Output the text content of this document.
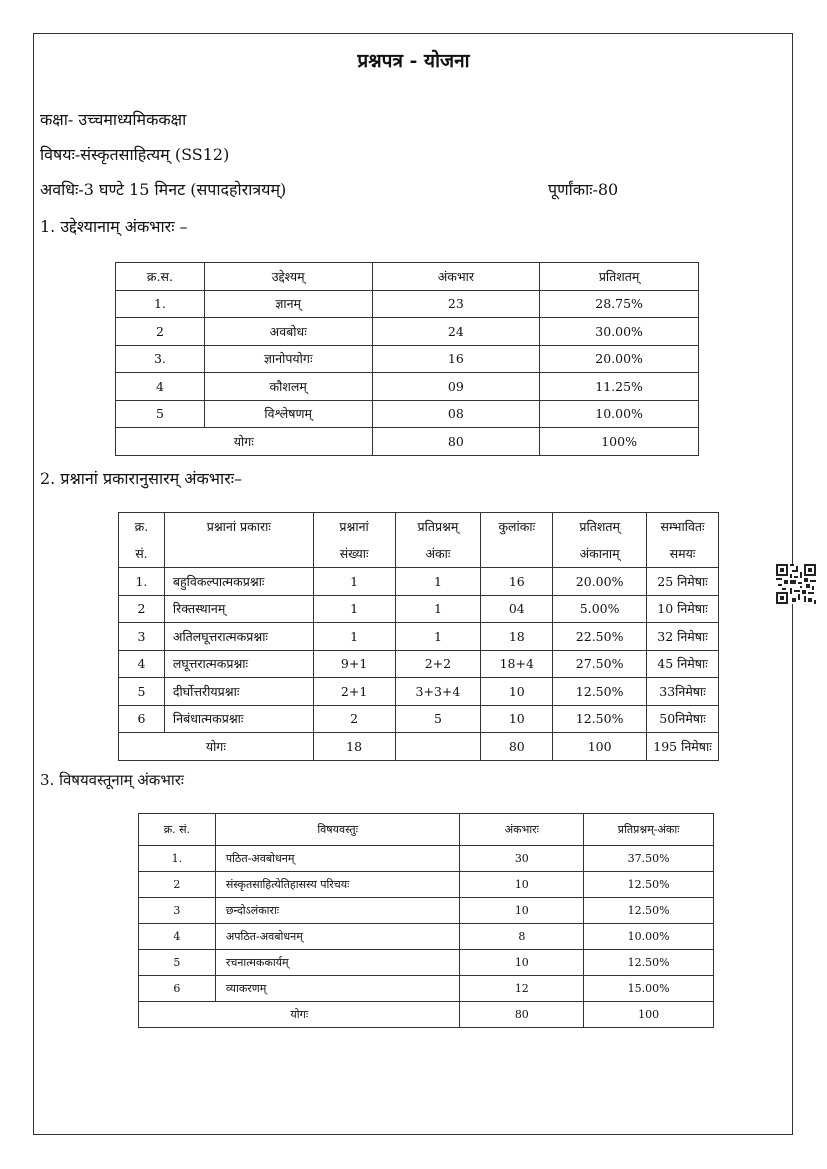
प्रश्नपत्र - योजना
कक्षा- उच्चमाध्यमिककक्षा
विषयः-संस्कृतसाहित्यम् (SS12)
अवधिः-3 घण्टे 15 मिनट (सपादहोरात्रयम्)	पूर्णांकाः-80
1. उद्देश्यानाम् अंकभारः –
क्र.स.	उद्देश्यम्	अंकभार	प्रतिशतम्
1.	ज्ञानम्	23	28.75%
2	अवबोधः	24	30.00%
3.	ज्ञानोपयोगः	16	20.00%
4	कौशलम्	09	11.25%
5	विश्लेषणम्	08	10.00%
योगः		80	100%
2. प्रश्नानां प्रकारानुसारम् अंकभारः–
क्र.	प्रश्नानां प्रकाराः	प्रश्नानां	प्रतिप्रश्नम्	कुलांकाः	प्रतिशतम्	सम्भावितः
सं.		संख्याः	अंकाः		अंकानाम्	समयः
1.	बहुविकल्पात्मकप्रश्नाः	1	1	16	20.00%	25 निमेषाः
2	रिक्तस्थानम्	1	1	04	5.00%	10 निमेषाः
3	अतिलघूत्तरात्मकप्रश्नाः	1	1	18	22.50%	32 निमेषाः
4	लघूत्तरात्मकप्रश्नाः	9+1	2+2	18+4	27.50%	45 निमेषाः
5	दीर्घोत्तरीयप्रश्नाः	2+1	3+3+4	10	12.50%	33निमेषाः
6	निबंधात्मकप्रश्नाः	2	5	10	12.50%	50निमेषाः
योगः		18		80	100	195 निमेषाः
3. विषयवस्तूनाम् अंकभारः
क्र. सं.	विषयवस्तुः	अंकभारः	प्रतिप्रश्नम्-अंकाः
1.	पठित-अवबोधनम्	30	37.50%
2	संस्कृतसाहित्येतिहासस्य परिचयः	10	12.50%
3	छन्दोऽलंकाराः	10	12.50%
4	अपठित-अवबोधनम्	8	10.00%
5	रचनात्मककार्यम्	10	12.50%
6	व्याकरणम्	12	15.00%
योगः		80	100
